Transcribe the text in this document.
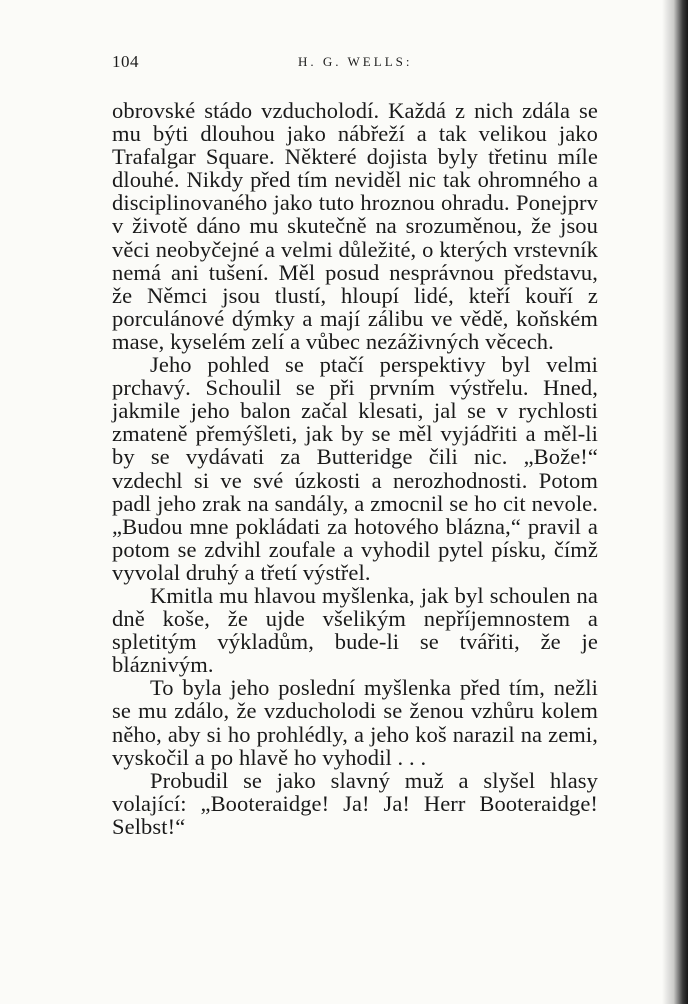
104	H. G. WELLS:

obrovské stádo vzducholodí. Každá z nich zdála se mu býti dlouhou jako nábřeží a tak velikou jako Trafalgar Square. Některé dojista byly třetinu míle dlouhé. Nikdy před tím neviděl nic tak ohromného a disciplinovaného jako tuto hroznou ohradu. Ponejprv v životě dáno mu skutečně na srozuměnou, že jsou věci neobyčejné a velmi důležité, o kterých vrstevník nemá ani tušení. Měl posud nesprávnou představu, že Němci jsou tlustí, hloupí lidé, kteří kouří z porculánové dýmky a mají zálibu ve vědě, koňském mase, kyselém zelí a vůbec nezáživných věcech.

Jeho pohled se ptačí perspektivy byl velmi prchavý. Schoulil se při prvním výstřelu. Hned, jakmile jeho balon začal klesati, jal se v rychlosti zmateně přemýšleti, jak by se měl vyjádřiti a měl-li by se vydávati za Butteridge čili nic. „Bože!“ vzdechl si ve své úzkosti a nerozhodnosti. Potom padl jeho zrak na sandály, a zmocnil se ho cit nevole. „Budou mne pokládati za hotového blázna,“ pravil a potom se zdvihl zoufale a vyhodil pytel písku, čímž vyvolal druhý a třetí výstřel.

Kmitla mu hlavou myšlenka, jak byl schoulen na dně koše, že ujde všelikým nepříjemnostem a spletitým výkladům, bude-li se tvářiti, že je bláznivým.

To byla jeho poslední myšlenka před tím, nežli se mu zdálo, že vzducholodi se ženou vzhůru kolem něho, aby si ho prohlédly, a jeho koš narazil na zemi, vyskočil a po hlavě ho vyhodil . . .

Probudil se jako slavný muž a slyšel hlasy volající: „Booteraidge! Ja! Ja! Herr Booteraidge! Selbst!“
